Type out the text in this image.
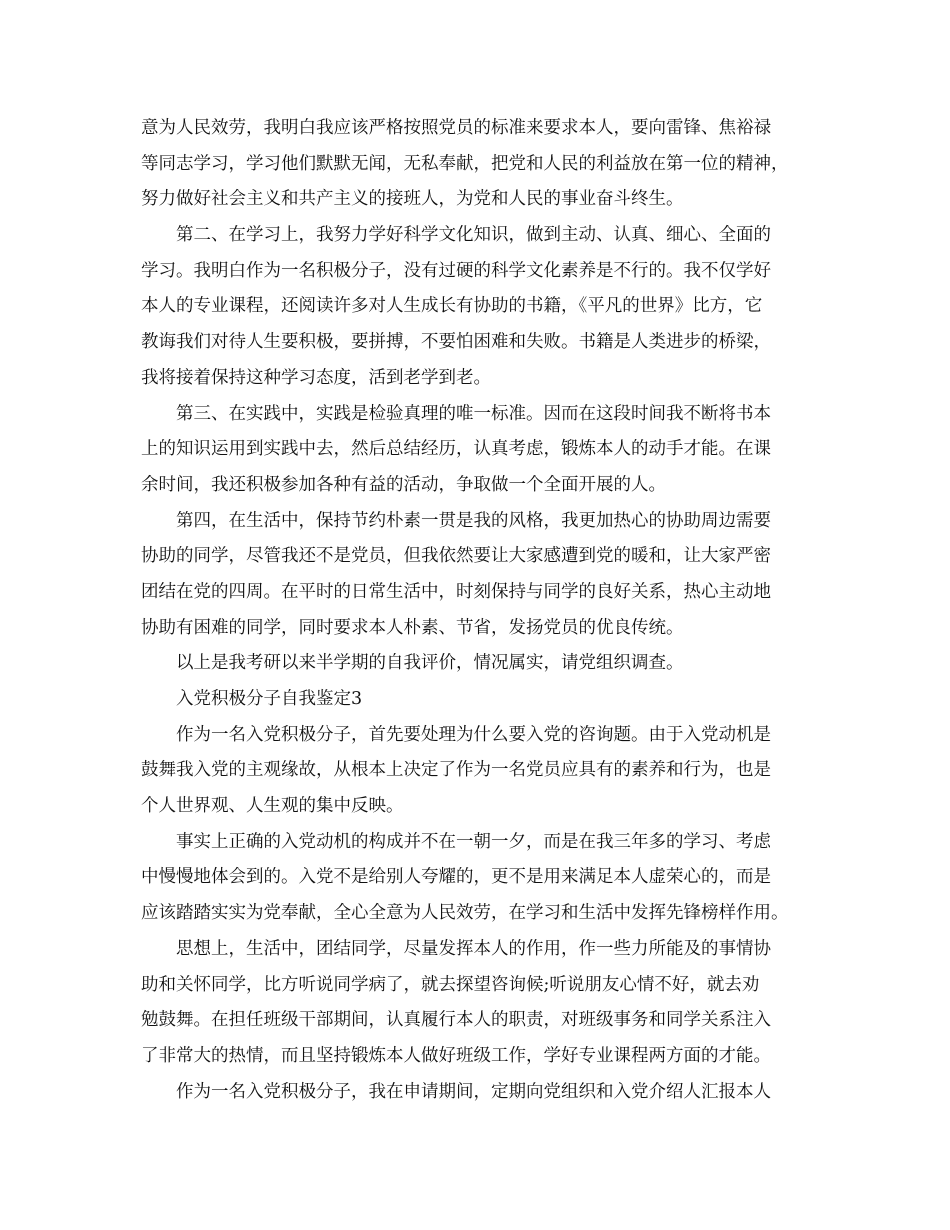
意为人民效劳，我明白我应该严格按照党员的标准来要求本人，要向雷锋、焦裕禄
等同志学习，学习他们默默无闻，无私奉献，把党和人民的利益放在第一位的精神，
努力做好社会主义和共产主义的接班人，为党和人民的事业奋斗终生。
第二、在学习上，我努力学好科学文化知识，做到主动、认真、细心、全面的
学习。我明白作为一名积极分子，没有过硬的科学文化素养是不行的。我不仅学好
本人的专业课程，还阅读许多对人生成长有协助的书籍，《平凡的世界》比方，它
教诲我们对待人生要积极，要拼搏，不要怕困难和失败。书籍是人类进步的桥梁，
我将接着保持这种学习态度，活到老学到老。
第三、在实践中，实践是检验真理的唯一标准。因而在这段时间我不断将书本
上的知识运用到实践中去，然后总结经历，认真考虑，锻炼本人的动手才能。在课
余时间，我还积极参加各种有益的活动，争取做一个全面开展的人。
第四，在生活中，保持节约朴素一贯是我的风格，我更加热心的协助周边需要
协助的同学，尽管我还不是党员，但我依然要让大家感遭到党的暖和，让大家严密
团结在党的四周。在平时的日常生活中，时刻保持与同学的良好关系，热心主动地
协助有困难的同学，同时要求本人朴素、节省，发扬党员的优良传统。
以上是我考研以来半学期的自我评价，情况属实，请党组织调查。
入党积极分子自我鉴定3
作为一名入党积极分子，首先要处理为什么要入党的咨询题。由于入党动机是
鼓舞我入党的主观缘故，从根本上决定了作为一名党员应具有的素养和行为，也是
个人世界观、人生观的集中反映。
事实上正确的入党动机的构成并不在一朝一夕，而是在我三年多的学习、考虑
中慢慢地体会到的。入党不是给别人夸耀的，更不是用来满足本人虚荣心的，而是
应该踏踏实实为党奉献，全心全意为人民效劳，在学习和生活中发挥先锋榜样作用。
思想上，生活中，团结同学，尽量发挥本人的作用，作一些力所能及的事情协
助和关怀同学，比方听说同学病了，就去探望咨询候;听说朋友心情不好，就去劝
勉鼓舞。在担任班级干部期间，认真履行本人的职责，对班级事务和同学关系注入
了非常大的热情，而且坚持锻炼本人做好班级工作，学好专业课程两方面的才能。
作为一名入党积极分子，我在申请期间，定期向党组织和入党介绍人汇报本人
